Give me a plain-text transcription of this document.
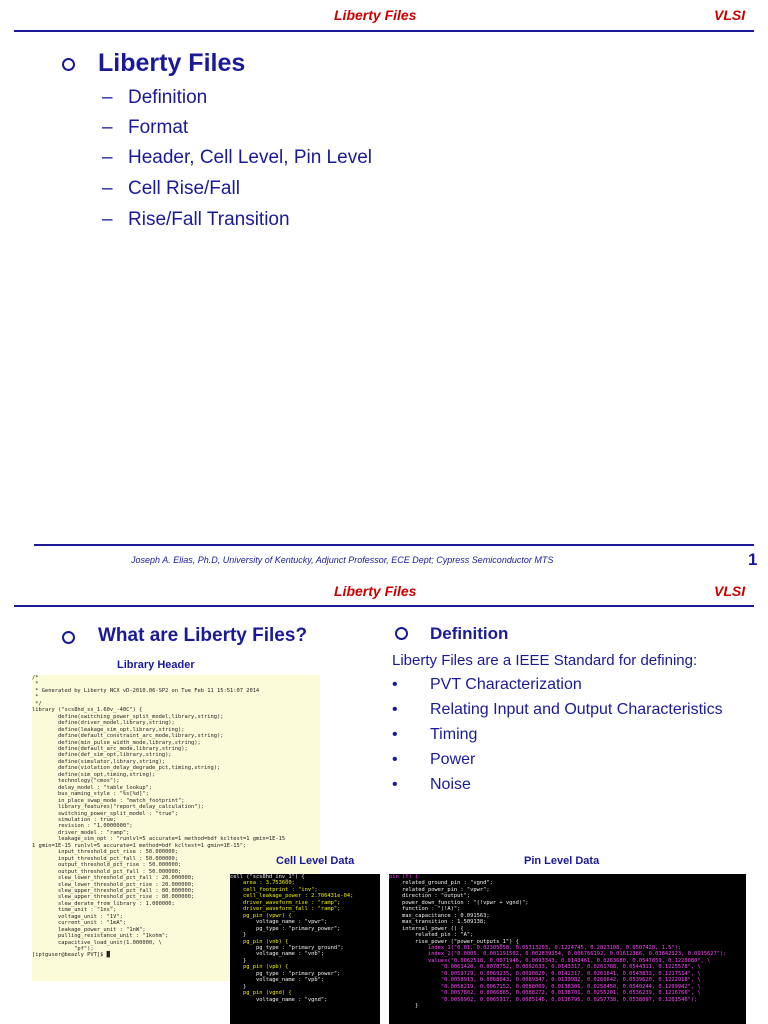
Liberty Files	VLSI
Liberty Files
– Definition
– Format
– Header, Cell Level, Pin Level
– Cell Rise/Fall
– Rise/Fall Transition
Joseph A. Elias, Ph.D, University of Kentucky, Adjunct Professor, ECE Dept; Cypress Semiconductor MTS	1
Liberty Files	VLSI
What are Liberty Files?
Library Header
/*
*
* Generated by Liberty NCX vD-2010.06-SP2 on Tue Feb 11 15:51:07 2014
*
*/
library ("scs8hd_ss_1.60v_-40C") {
define(switching_power_split_model,library,string);
define(driver_model,library,string);
define(leakage_sim_opt,library,string);
define(default_constraint_arc_mode,library,string);
define(min_pulse_width_mode,library,string);
define(default_arc_mode,library,string);
define(def_sim_opt,library,string);
define(simulator,library,string);
define(violation_delay_degrade_pct,timing,string);
define(sim_opt,timing,string);
technology("cmos");
delay_model : "table_lookup";
bus_naming_style : "%s[%d]";
in_place_swap_mode : "match_footprint";
library_features("report_delay_calculation");
switching_power_split_model : "true";
simulation : true;
revision : "1.0000000";
driver_model : "ramp";
leakage_sim_opt : "runlvl=5 accurate=1 method=bdf kcltest=1 gmin=1E-15
1 gmin=1E-15 runlvl=5 accurate=1 method=bdf kcltest=1 gmin=1E-15";
input_threshold_pct_rise : 50.000000;
input_threshold_pct_fall : 50.000000;
output_threshold_pct_rise : 50.000000;
output_threshold_pct_fall : 50.000000;
slew_lower_threshold_pct_fall : 20.000000;
slew_lower_threshold_pct_rise : 20.000000;
slew_upper_threshold_pct_fall : 80.000000;
slew_upper_threshold_pct_rise : 80.000000;
slew_derate_from_library : 1.000000;
time_unit : "1ns";
voltage_unit : "1V";
current_unit : "1mA";
leakage_power_unit : "1nW";
pulling_resistance_unit : "1kohm";
capacitive_load_unit(1.000000, \
"pf");
[iptguser@beazly PVT]$ █
Definition
Liberty Files are a IEEE Standard for defining:
• PVT Characterization
• Relating Input and Output Characteristics
• Timing
• Power
• Noise
Cell Level Data	Pin Level Data
cell ("scs8hd_inv_1") {
area : 3.753600;
cell_footprint : "inv";
cell_leakage_power : 2.706431e-04;
driver_waveform_rise : "ramp";
driver_waveform_fall : "ramp";
pg_pin (vpwr) {
voltage_name : "vpwr";
pg_type : "primary_power";
}
pg_pin (vnb) {
pg_type : "primary_ground";
voltage_name : "vnb";
}
pg_pin (vpb) {
pg_type : "primary_power";
voltage_name : "vpb";
}
pg_pin (vgnd) {
voltage_name : "vgnd";
pin (Y) {
related_ground_pin : "vgnd";
related_power_pin : "vpwr";
direction : "output";
power_down_function : "(!vpwr + vgnd)";
function : "(!A)";
max_capacitance : 0.091563;
max_transition : 1.509138;
internal_power () {
related_pin : "A";
rise_power ("power_outputs_1") {
index_1("0.01, 0.02305058, 0.05313203, 0.1224745, 0.2823108, 0.6507428, 1.5");
index_2("0.0005, 0.001191502, 0.002839354, 0.006766192, 0.01612386, 0.03842323, 0.0915627");
values("0.0062518, 0.0071946, 0.0093343, 0.0143461, 0.0263680, 0.0547859, 0.1220080", \
"0.0061420, 0.0070752, 0.0092633, 0.0143317, 0.0261788, 0.0544311, 0.1225578", \
"0.0059729, 0.0069235, 0.0090820, 0.0142317, 0.0261841, 0.0543833, 0.1217514", \
"0.0058913, 0.0068043, 0.0089347, 0.0139982, 0.0260642, 0.0539620, 0.1222918", \
"0.0058219, 0.0067152, 0.0088069, 0.0138306, 0.0258450, 0.0540244, 0.1209942", \
"0.0057802, 0.0066865, 0.0088272, 0.0138701, 0.0255201, 0.0536239, 0.1216766", \
"0.0056902, 0.0065917, 0.0085146, 0.0136795, 0.0257738, 0.0538097, 0.1201546");
}
